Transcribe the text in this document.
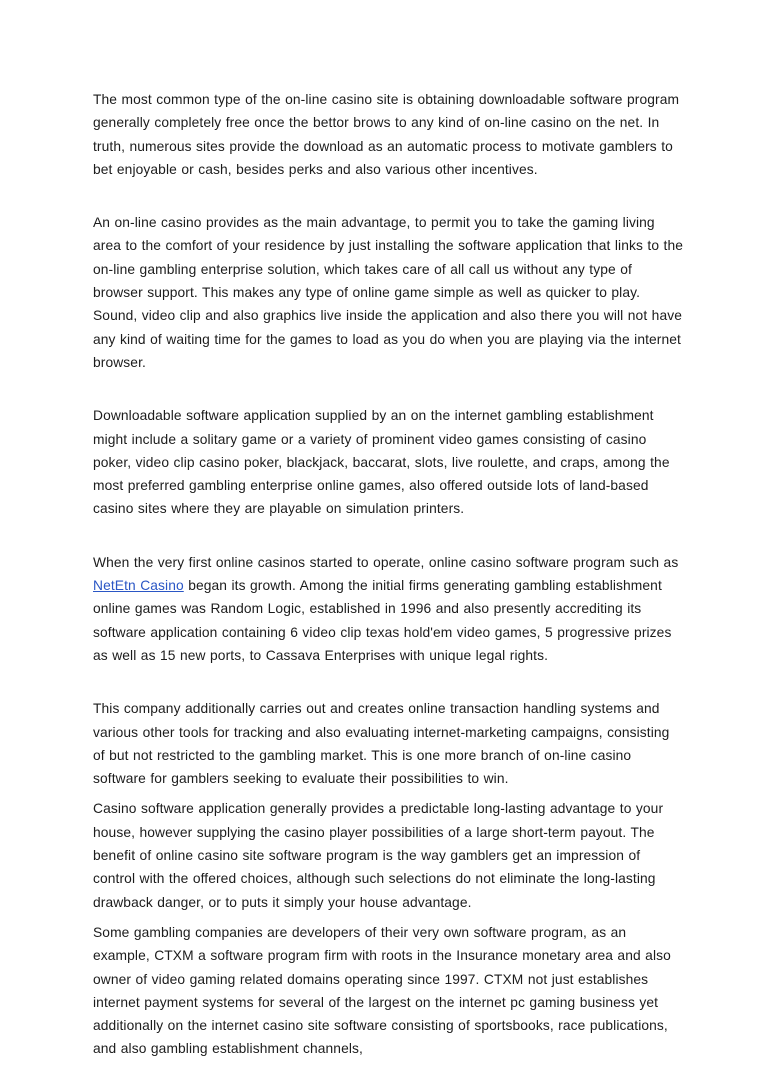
The most common type of the on-line casino site is obtaining downloadable software program generally completely free once the bettor brows to any kind of on-line casino on the net. In truth, numerous sites provide the download as an automatic process to motivate gamblers to bet enjoyable or cash, besides perks and also various other incentives.

An on-line casino provides as the main advantage, to permit you to take the gaming living area to the comfort of your residence by just installing the software application that links to the on-line gambling enterprise solution, which takes care of all call us without any type of browser support. This makes any type of online game simple as well as quicker to play. Sound, video clip and also graphics live inside the application and also there you will not have any kind of waiting time for the games to load as you do when you are playing via the internet browser.

Downloadable software application supplied by an on the internet gambling establishment might include a solitary game or a variety of prominent video games consisting of casino poker, video clip casino poker, blackjack, baccarat, slots, live roulette, and craps, among the most preferred gambling enterprise online games, also offered outside lots of land-based casino sites where they are playable on simulation printers.

When the very first online casinos started to operate, online casino software program such as NetEtn Casino began its growth. Among the initial firms generating gambling establishment online games was Random Logic, established in 1996 and also presently accrediting its software application containing 6 video clip texas hold'em video games, 5 progressive prizes as well as 15 new ports, to Cassava Enterprises with unique legal rights.

This company additionally carries out and creates online transaction handling systems and various other tools for tracking and also evaluating internet-marketing campaigns, consisting of but not restricted to the gambling market. This is one more branch of on-line casino software for gamblers seeking to evaluate their possibilities to win.

Casino software application generally provides a predictable long-lasting advantage to your house, however supplying the casino player possibilities of a large short-term payout. The benefit of online casino site software program is the way gamblers get an impression of control with the offered choices, although such selections do not eliminate the long-lasting drawback danger, or to puts it simply your house advantage.

Some gambling companies are developers of their very own software program, as an example, CTXM a software program firm with roots in the Insurance monetary area and also owner of video gaming related domains operating since 1997. CTXM not just establishes internet payment systems for several of the largest on the internet pc gaming business yet additionally on the internet casino site software consisting of sportsbooks, race publications, and also gambling establishment channels,
